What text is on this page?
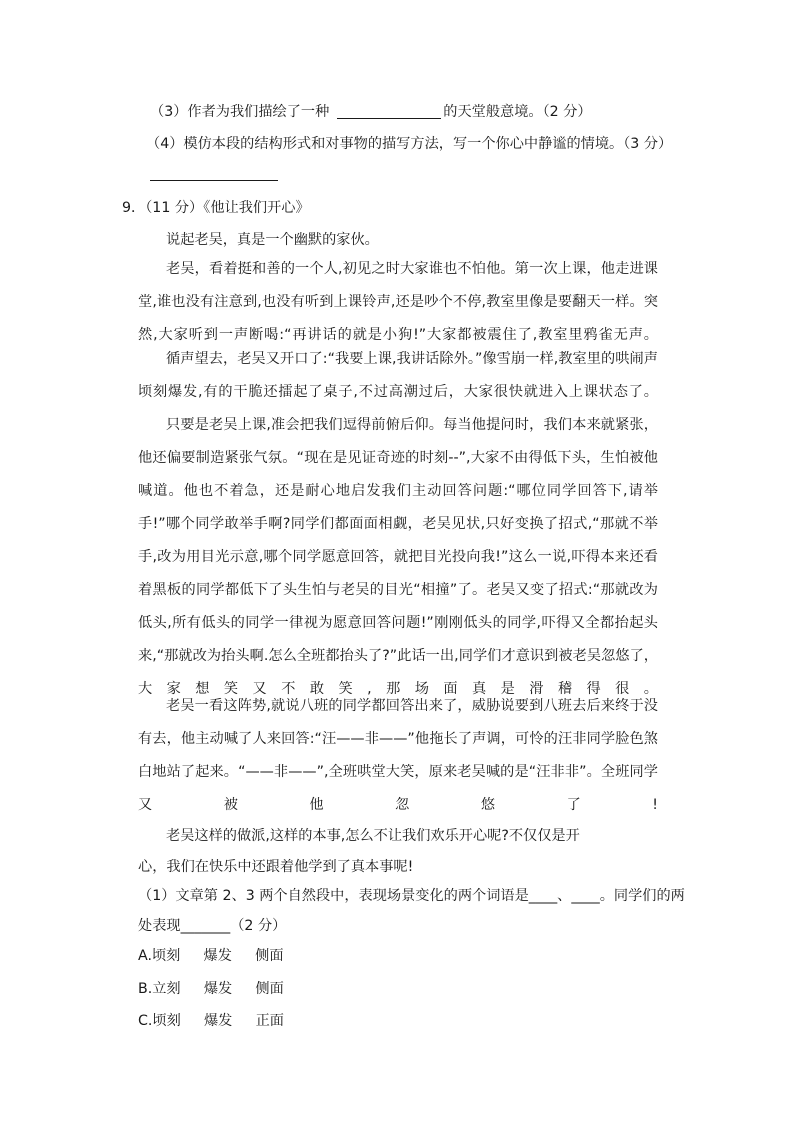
（3）作者为我们描绘了一种	的天堂般意境。（2 分）
（4）模仿本段的结构形式和对事物的描写方法，写一个你心中静谧的情境。（3 分）
9．（11 分）《他让我们开心》
说起老吴，真是一个幽默的家伙。
老吴，看着挺和善的一个人,初见之时大家谁也不怕他。第一次上课，他走进课堂,谁也没有注意到,也没有听到上课铃声,还是吵个不停,教室里像是要翻天一样。突然,大家听到一声断喝:“再讲话的就是小狗!”大家都被震住了,教室里鸦雀无声。
循声望去，老吴又开口了:“我要上课,我讲话除外。”像雪崩一样,教室里的哄闹声顷刻爆发,有的干脆还擂起了桌子,不过高潮过后，大家很快就进入上课状态了。
只要是老吴上课,准会把我们逗得前俯后仰。每当他提问时，我们本来就紧张，他还偏要制造紧张气氛。“现在是见证奇迹的时刻--”,大家不由得低下头，生怕被他喊道。他也不着急，还是耐心地启发我们主动回答问题:“哪位同学回答下,请举手!”哪个同学敢举手啊?同学们都面面相觑，老吴见状,只好变换了招式,“那就不举手,改为用目光示意,哪个同学愿意回答，就把目光投向我!”这么一说,吓得本来还看着黑板的同学都低下了头生怕与老吴的目光“相撞”了。老吴又变了招式:“那就改为低头,所有低头的同学一律视为愿意回答问题!”刚刚低头的同学,吓得又全都抬起头来,“那就改为抬头啊.怎么全班都抬头了?”此话一出,同学们才意识到被老吴忽悠了，大家想笑又不敢笑,那场面真是滑稽得很。
老吴一看这阵势,就说八班的同学都回答出来了，威胁说要到八班去后来终于没有去，他主动喊了人来回答:“汪——非——”他拖长了声调，可怜的汪非同学脸色煞白地站了起来。“——非——”,全班哄堂大笑，原来老吴喊的是“汪非非”。全班同学又被他忽悠了!
老吴这样的做派,这样的本事,怎么不让我们欢乐开心呢?不仅仅是开
心，我们在快乐中还跟着他学到了真本事呢!
（1）文章第 2、3 两个自然段中，表现场景变化的两个词语是____、____。同学们的两
处表现_______（2 分）
A.顷刻　  爆发　  侧面
B.立刻　  爆发　  侧面
C.顷刻　  爆发　  正面
